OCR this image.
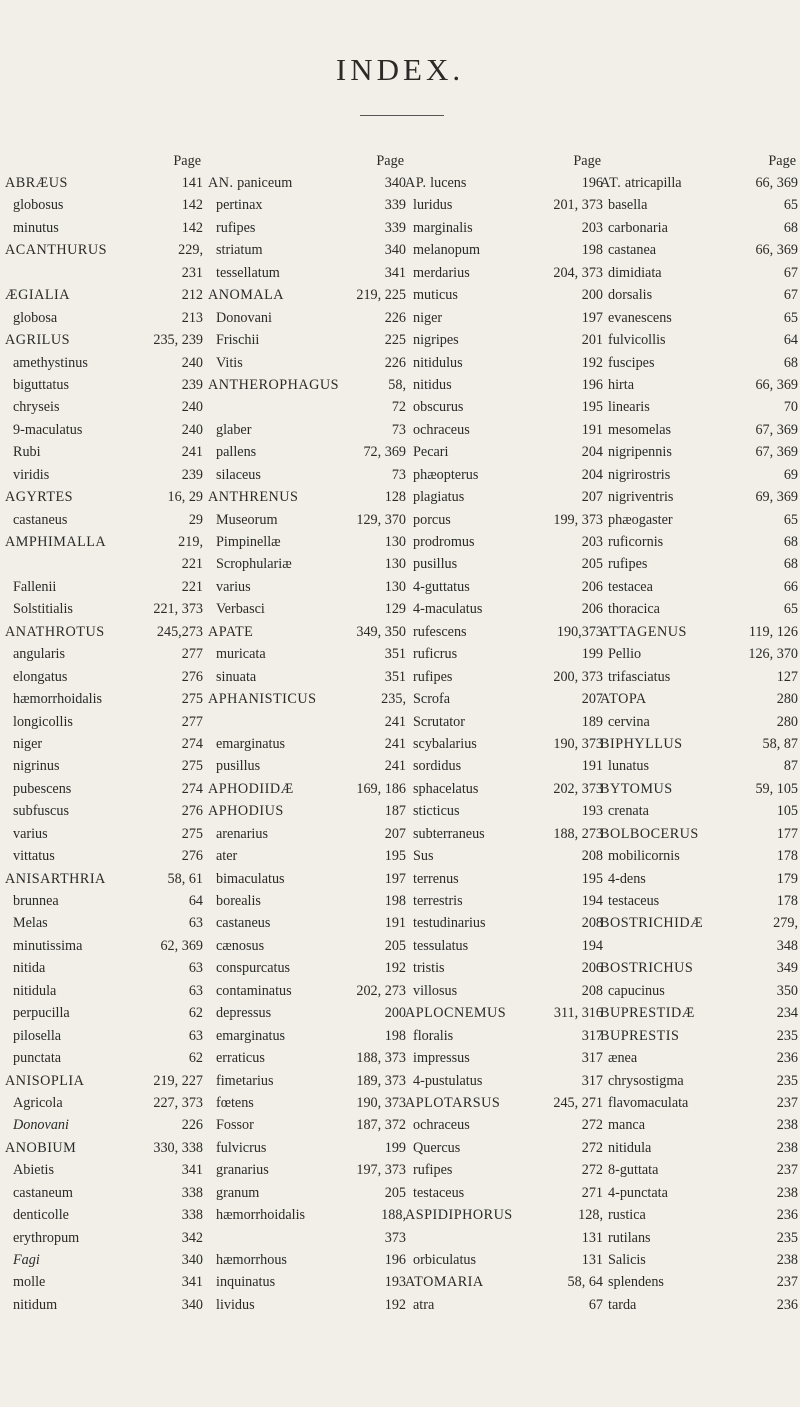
INDEX.
Page
ABRÆUS	141
globosus	142
minutus	142
ACANTHURUS	229,
231
ÆGIALIA	212
globosa	213
AGRILUS	235, 239
amethystinus	240
biguttatus	239
chryseis	240
9-maculatus	240
Rubi	241
viridis	239
AGYRTES	16, 29
castaneus	29
AMPHIMALLA	219,
221
Fallenii	221
Solstitialis	221, 373
ANATHROTUS	245,273
angularis	277
elongatus	276
hæmorrhoidalis	275
longicollis	277
niger	274
nigrinus	275
pubescens	274
subfuscus	276
varius	275
vittatus	276
ANISARTHRIA	58, 61
brunnea	64
Melas	63
minutissima	62, 369
nitida	63
nitidula	63
perpucilla	62
pilosella	63
punctata	62
ANISOPLIA	219, 227
Agricola	227, 373
Donovani	226
ANOBIUM	330, 338
Abietis	341
castaneum	338
denticolle	338
erythropum	342
Fagi	340
molle	341
nitidum	340
Page
AN. paniceum	340
pertinax	339
rufipes	339
striatum	340
tessellatum	341
ANOMALA	219, 225
Donovani	226
Frischii	225
Vitis	226
ANTHEROPHAGUS	58,
72
glaber	73
pallens	72, 369
silaceus	73
ANTHRENUS	128
Museorum	129, 370
Pimpinellæ	130
Scrophulariæ	130
varius	130
Verbasci	129
APATE	349, 350
muricata	351
sinuata	351
APHANISTICUS	235,
241
emarginatus	241
pusillus	241
APHODIIDÆ	169, 186
APHODIUS	187
arenarius	207
ater	195
bimaculatus	197
borealis	198
castaneus	191
cænosus	205
conspurcatus	192
contaminatus	202, 273
depressus	200
emarginatus	198
erraticus	188, 373
fimetarius	189, 373
fœtens	190, 373
Fossor	187, 372
fulvicrus	199
granarius	197, 373
granum	205
hæmorrhoidalis	188,
373
hæmorrhous	196
inquinatus	193
lividus	192
Page
AP. lucens	196
luridus	201, 373
marginalis	203
melanopum	198
merdarius	204, 373
muticus	200
niger	197
nigripes	201
nitidulus	192
nitidus	196
obscurus	195
ochraceus	191
Pecari	204
phæopterus	204
plagiatus	207
porcus	199, 373
prodromus	203
pusillus	205
4-guttatus	206
4-maculatus	206
rufescens	190,373
ruficrus	199
rufipes	200, 373
Scrofa	207
Scrutator	189
scybalarius	190, 373
sordidus	191
sphacelatus	202, 373
sticticus	193
subterraneus	188, 273
Sus	208
terrenus	195
terrestris	194
testudinarius	208
tessulatus	194
tristis	206
villosus	208
APLOCNEMUS	311, 316
floralis	317
impressus	317
4-pustulatus	317
APLOTARSUS	245, 271
ochraceus	272
Quercus	272
rufipes	272
testaceus	271
ASPIDIPHORUS	128,
131
orbiculatus	131
ATOMARIA	58, 64
atra	67
Page
AT. atricapilla	66, 369
basella	65
carbonaria	68
castanea	66, 369
dimidiata	67
dorsalis	67
evanescens	65
fulvicollis	64
fuscipes	68
hirta	66, 369
linearis	70
mesomelas	67, 369
nigripennis	67, 369
nigrirostris	69
nigriventris	69, 369
phæogaster	65
ruficornis	68
rufipes	68
testacea	66
thoracica	65
ATTAGENUS	119, 126
Pellio	126, 370
trifasciatus	127
ATOPA	280
cervina	280
BIPHYLLUS	58, 87
lunatus	87
BYTOMUS	59, 105
crenata	105
BOLBOCERUS	177
mobilicornis	178
4-dens	179
testaceus	178
BOSTRICHIDÆ	279,
348
BOSTRICHUS	349
capucinus	350
BUPRESTIDÆ	234
BUPRESTIS	235
ænea	236
chrysostigma	235
flavomaculata	237
manca	238
nitidula	238
8-guttata	237
4-punctata	238
rustica	236
rutilans	235
Salicis	238
splendens	237
tarda	236
